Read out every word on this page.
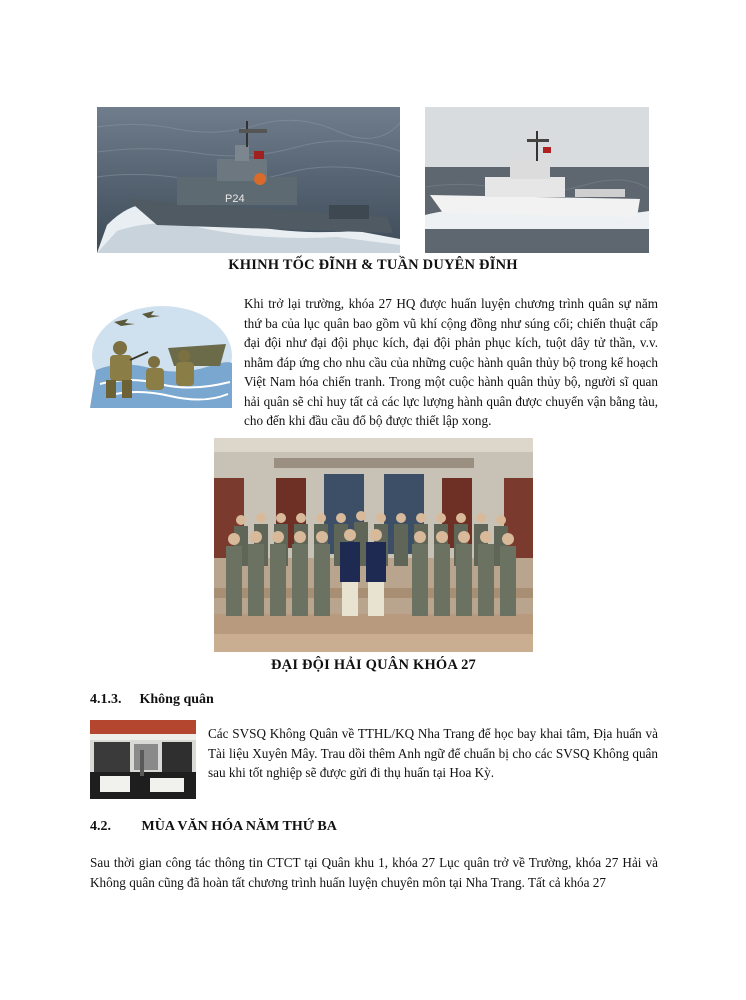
P24
KHINH TỐC ĐĨNH & TUẦN DUYÊN ĐĨNH
Khi trở lại trường, khóa 27 HQ được huấn luyện chương trình quân sự năm thứ ba của lục quân bao gồm vũ khí cộng đồng như súng cối; chiến thuật cấp đại đội như đại đội phục kích, đại đội phản phục kích, tuột dây tử thần, v.v. nhằm đáp ứng cho nhu cầu của những cuộc hành quân thủy bộ trong kế hoạch Việt Nam hóa chiến tranh. Trong một cuộc hành quân thủy bộ, người sĩ quan hải quân sẽ chỉ huy tất cả các lực lượng hành quân được chuyển vận bằng tàu, cho đến khi đầu cầu đổ bộ được thiết lập xong.
ĐẠI ĐỘI HẢI QUÂN KHÓA 27
4.1.3. Không quân
Các SVSQ Không Quân về TTHL/KQ Nha Trang để học bay khai tâm, Địa huấn và Tài liệu Xuyên Mây. Trau dồi thêm Anh ngữ để chuẩn bị cho các SVSQ Không quân sau khi tốt nghiệp sẽ được gửi đi thụ huấn tại Hoa Kỳ.
4.2. MÙA VĂN HÓA NĂM THỨ BA
Sau thời gian công tác thông tin CTCT tại Quân khu 1, khóa 27 Lục quân trở về Trường, khóa 27 Hải và Không quân cũng đã hoàn tất chương trình huấn luyện chuyên môn tại Nha Trang. Tất cả khóa 27
